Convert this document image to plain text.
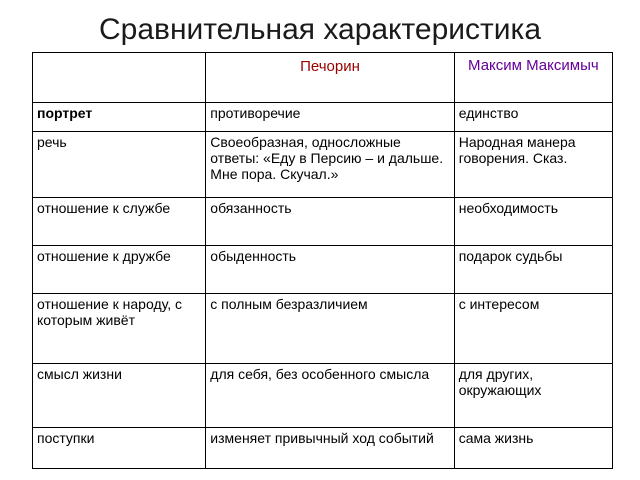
Сравнительная характеристика
	Печорин	Максим Максимыч
портрет	противоречие	единство
речь	Своеобразная, односложные ответы: «Еду в Персию – и дальше. Мне пора. Скучал.»	Народная манера говорения. Сказ.
отношение к службе	обязанность	необходимость
отношение к дружбе	обыденность	подарок судьбы
отношение к народу, с которым живёт	с полным безразличием	с интересом
смысл жизни	для себя, без особенного смысла	для других, окружающих
поступки	изменяет привычный ход событий	сама жизнь
